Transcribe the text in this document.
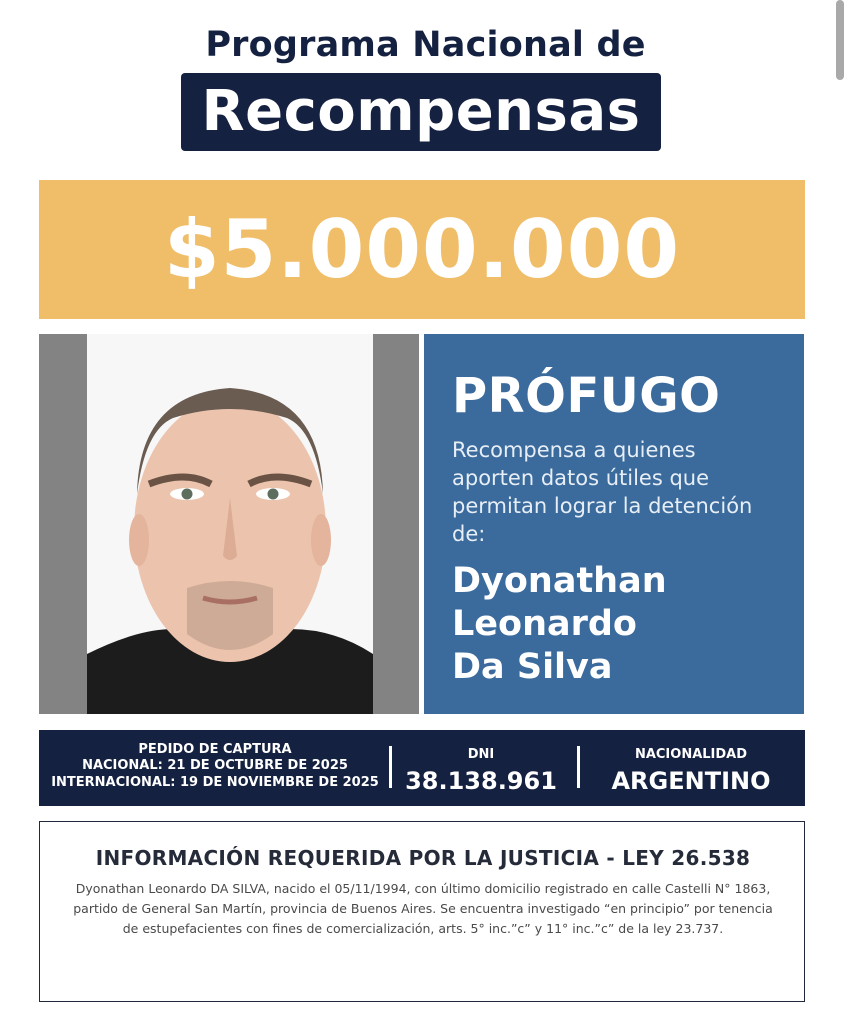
Programa Nacional de
Recompensas
$5.000.000
PRÓFUGO
Recompensa a quienes aporten datos útiles que permitan lograr la detención de:
Dyonathan
Leonardo
Da Silva
PEDIDO DE CAPTURA
NACIONAL: 21 DE OCTUBRE DE 2025
INTERNACIONAL: 19 DE NOVIEMBRE DE 2025
DNI
38.138.961
NACIONALIDAD
ARGENTINO
INFORMACIÓN REQUERIDA POR LA JUSTICIA - LEY 26.538
Dyonathan Leonardo DA SILVA, nacido el 05/11/1994, con último domicilio registrado en calle Castelli N° 1863, partido de General San Martín, provincia de Buenos Aires. Se encuentra investigado “en principio” por tenencia de estupefacientes con fines de comercialización, arts. 5° inc.”c” y 11° inc.”c” de la ley 23.737.
